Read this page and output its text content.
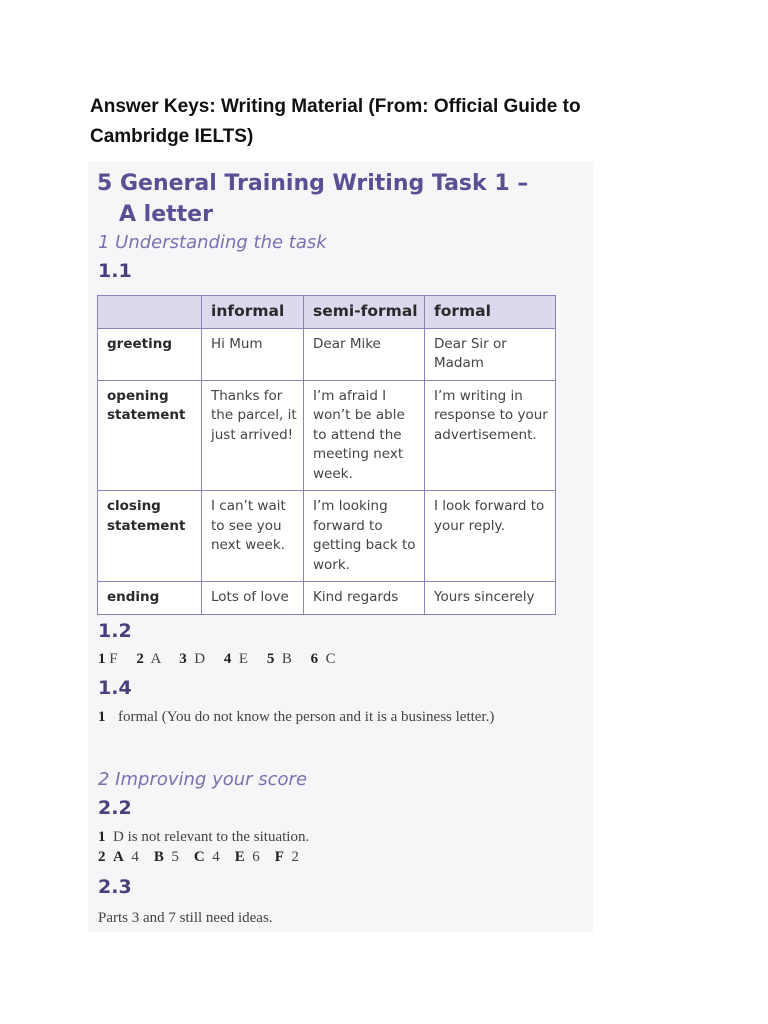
Answer Keys: Writing Material (From: Official Guide to Cambridge IELTS)
5 General Training Writing Task 1 –
A letter
1 Understanding the task
1.1
	informal	semi-formal	formal
greeting	Hi Mum	Dear Mike	Dear Sir or Madam
opening statement	Thanks for the parcel, it just arrived!	I’m afraid I won’t be able to attend the meeting next week.	I’m writing in response to your advertisement.
closing statement	I can’t wait to see you next week.	I’m looking forward to getting back to work.	I look forward to your reply.
ending	Lots of love	Kind regards	Yours sincerely
1.2
1 F 2 A 3 D 4 E 5 B 6 C
1.4
1 formal (You do not know the person and it is a business letter.)
2 Improving your score
2.2
1 D is not relevant to the situation.
2 A 4 B 5 C 4 E 6 F 2
2.3
Parts 3 and 7 still need ideas.
